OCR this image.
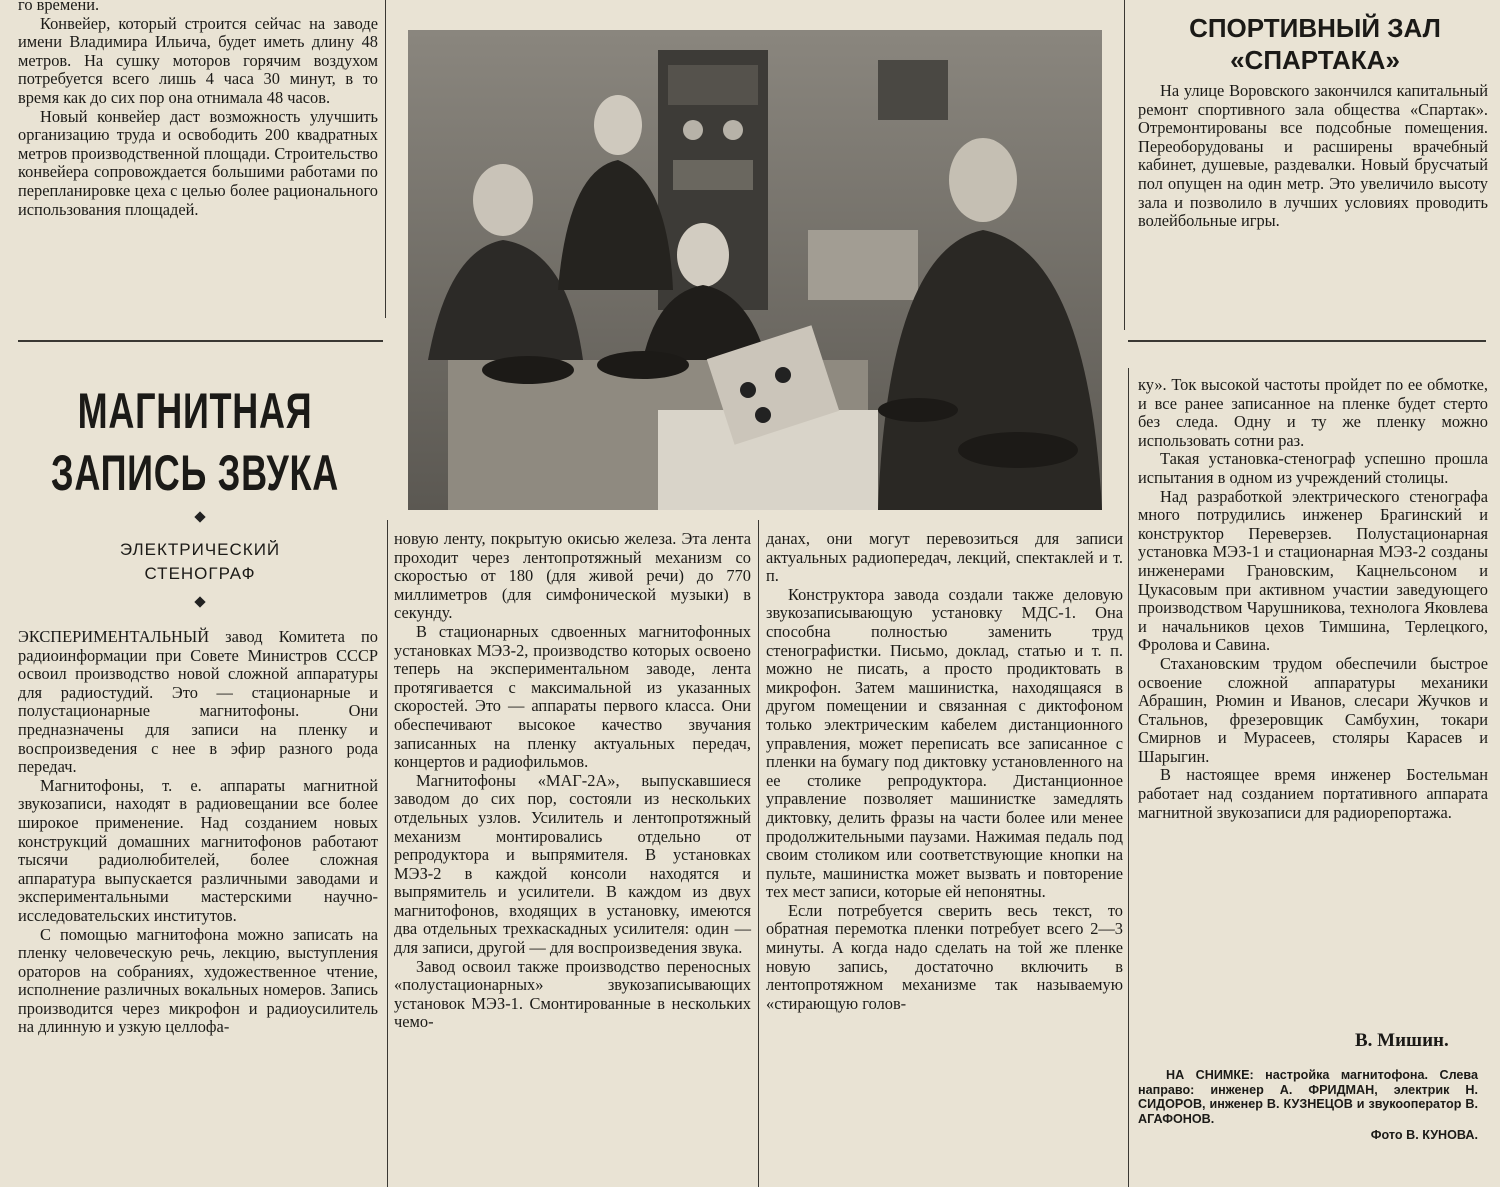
го времени.

Конвейер, который строится сейчас на заводе имени Владимира Ильича, будет иметь длину 48 метров. На сушку моторов горячим воздухом потребуется всего лишь 4 часа 30 минут, в то время как до сих пор она отнимала 48 часов.

Новый конвейер даст возможность улучшить организацию труда и освободить 200 квадратных метров производственной площади. Строительство конвейера сопровождается большими работами по перепланировке цеха с целью более рационального использования площадей.

МАГНИТНАЯ
ЗАПИСЬ ЗВУКА
ЭЛЕКТРИЧЕСКИЙ
СТЕНОГРАФ

ЭКСПЕРИМЕНТАЛЬНЫЙ завод Комитета по радиоинформации при Совете Министров СССР освоил производство новой сложной аппаратуры для радиостудий. Это — стационарные и полустационарные магнитофоны. Они предназначены для записи на пленку и воспроизведения с нее в эфир разного рода передач.

Магнитофоны, т. е. аппараты магнитной звукозаписи, находят в радиовещании все более широкое применение. Над созданием новых конструкций домашних магнитофонов работают тысячи радиолюбителей, более сложная аппаратура выпускается различными заводами и экспериментальными мастерскими научно-исследовательских институтов.

С помощью магнитофона можно записать на пленку человеческую речь, лекцию, выступления ораторов на собраниях, художественное чтение, исполнение различных вокальных номеров. Запись производится через микрофон и радиоусилитель на длинную и узкую целлофа-

новую ленту, покрытую окисью железа. Эта лента проходит через лентопротяжный механизм со скоростью от 180 (для живой речи) до 770 миллиметров (для симфонической музыки) в секунду.

В стационарных сдвоенных магнитофонных установках МЭЗ-2, производство которых освоено теперь на экспериментальном заводе, лента протягивается с максимальной из указанных скоростей. Это — аппараты первого класса. Они обеспечивают высокое качество звучания записанных на пленку актуальных передач, концертов и радиофильмов.

Магнитофоны «МАГ-2А», выпускавшиеся заводом до сих пор, состояли из нескольких отдельных узлов. Усилитель и лентопротяжный механизм монтировались отдельно от репродуктора и выпрямителя. В установках МЭЗ-2 в каждой консоли находятся и выпрямитель и усилители. В каждом из двух магнитофонов, входящих в установку, имеются два отдельных трехкаскадных усилителя: один — для записи, другой — для воспроизведения звука.

Завод освоил также производство переносных «полустационарных» звукозаписывающих установок МЭЗ-1. Смонтированные в нескольких чемо-

данах, они могут перевозиться для записи актуальных радиопередач, лекций, спектаклей и т. п.

Конструктора завода создали также деловую звукозаписывающую установку МДС-1. Она способна полностью заменить труд стенографистки. Письмо, доклад, статью и т. п. можно не писать, а просто продиктовать в микрофон. Затем машинистка, находящаяся в другом помещении и связанная с диктофоном только электрическим кабелем дистанционного управления, может переписать все записанное с пленки на бумагу под диктовку установленного на ее столике репродуктора. Дистанционное управление позволяет машинистке замедлять диктовку, делить фразы на части более или менее продолжительными паузами. Нажимая педаль под своим столиком или соответствующие кнопки на пульте, машинистка может вызвать и повторение тех мест записи, которые ей непонятны.

Если потребуется сверить весь текст, то обратная перемотка пленки потребует всего 2—3 минуты. А когда надо сделать на той же пленке новую запись, достаточно включить в лентопротяжном механизме так называемую «стирающую голов-

СПОРТИВНЫЙ ЗАЛ
«СПАРТАКА»

На улице Воровского закончился капитальный ремонт спортивного зала общества «Спартак». Отремонтированы все подсобные помещения. Переоборудованы и расширены врачебный кабинет, душевые, раздевалки. Новый брусчатый пол опущен на один метр. Это увеличило высоту зала и позволило в лучших условиях проводить волейбольные игры.

ку». Ток высокой частоты пройдет по ее обмотке, и все ранее записанное на пленке будет стерто без следа. Одну и ту же пленку можно использовать сотни раз.

Такая установка-стенограф успешно прошла испытания в одном из учреждений столицы.

Над разработкой электрического стенографа много потрудились инженер Брагинский и конструктор Переверзев. Полустационарная установка МЭЗ-1 и стационарная МЭЗ-2 созданы инженерами Грановским, Кацнельсоном и Цукасовым при активном участии заведующего производством Чарушникова, технолога Яковлева и начальников цехов Тимшина, Терлецкого, Фролова и Савина.

Стахановским трудом обеспечили быстрое освоение сложной аппаратуры механики Абрашин, Рюмин и Иванов, слесари Жучков и Стальнов, фрезеровщик Самбухин, токари Смирнов и Мурасеев, столяры Карасев и Шарыгин.

В настоящее время инженер Бостельман работает над созданием портативного аппарата магнитной звукозаписи для радиорепортажа.

В. Мишин.

НА СНИМКЕ: настройка магнитофона. Слева направо: инженер А. ФРИДМАН, электрик Н. СИДОРОВ, инженер В. КУЗНЕЦОВ и звукооператор В. АГАФОНОВ.

Фото В. КУНОВА.
